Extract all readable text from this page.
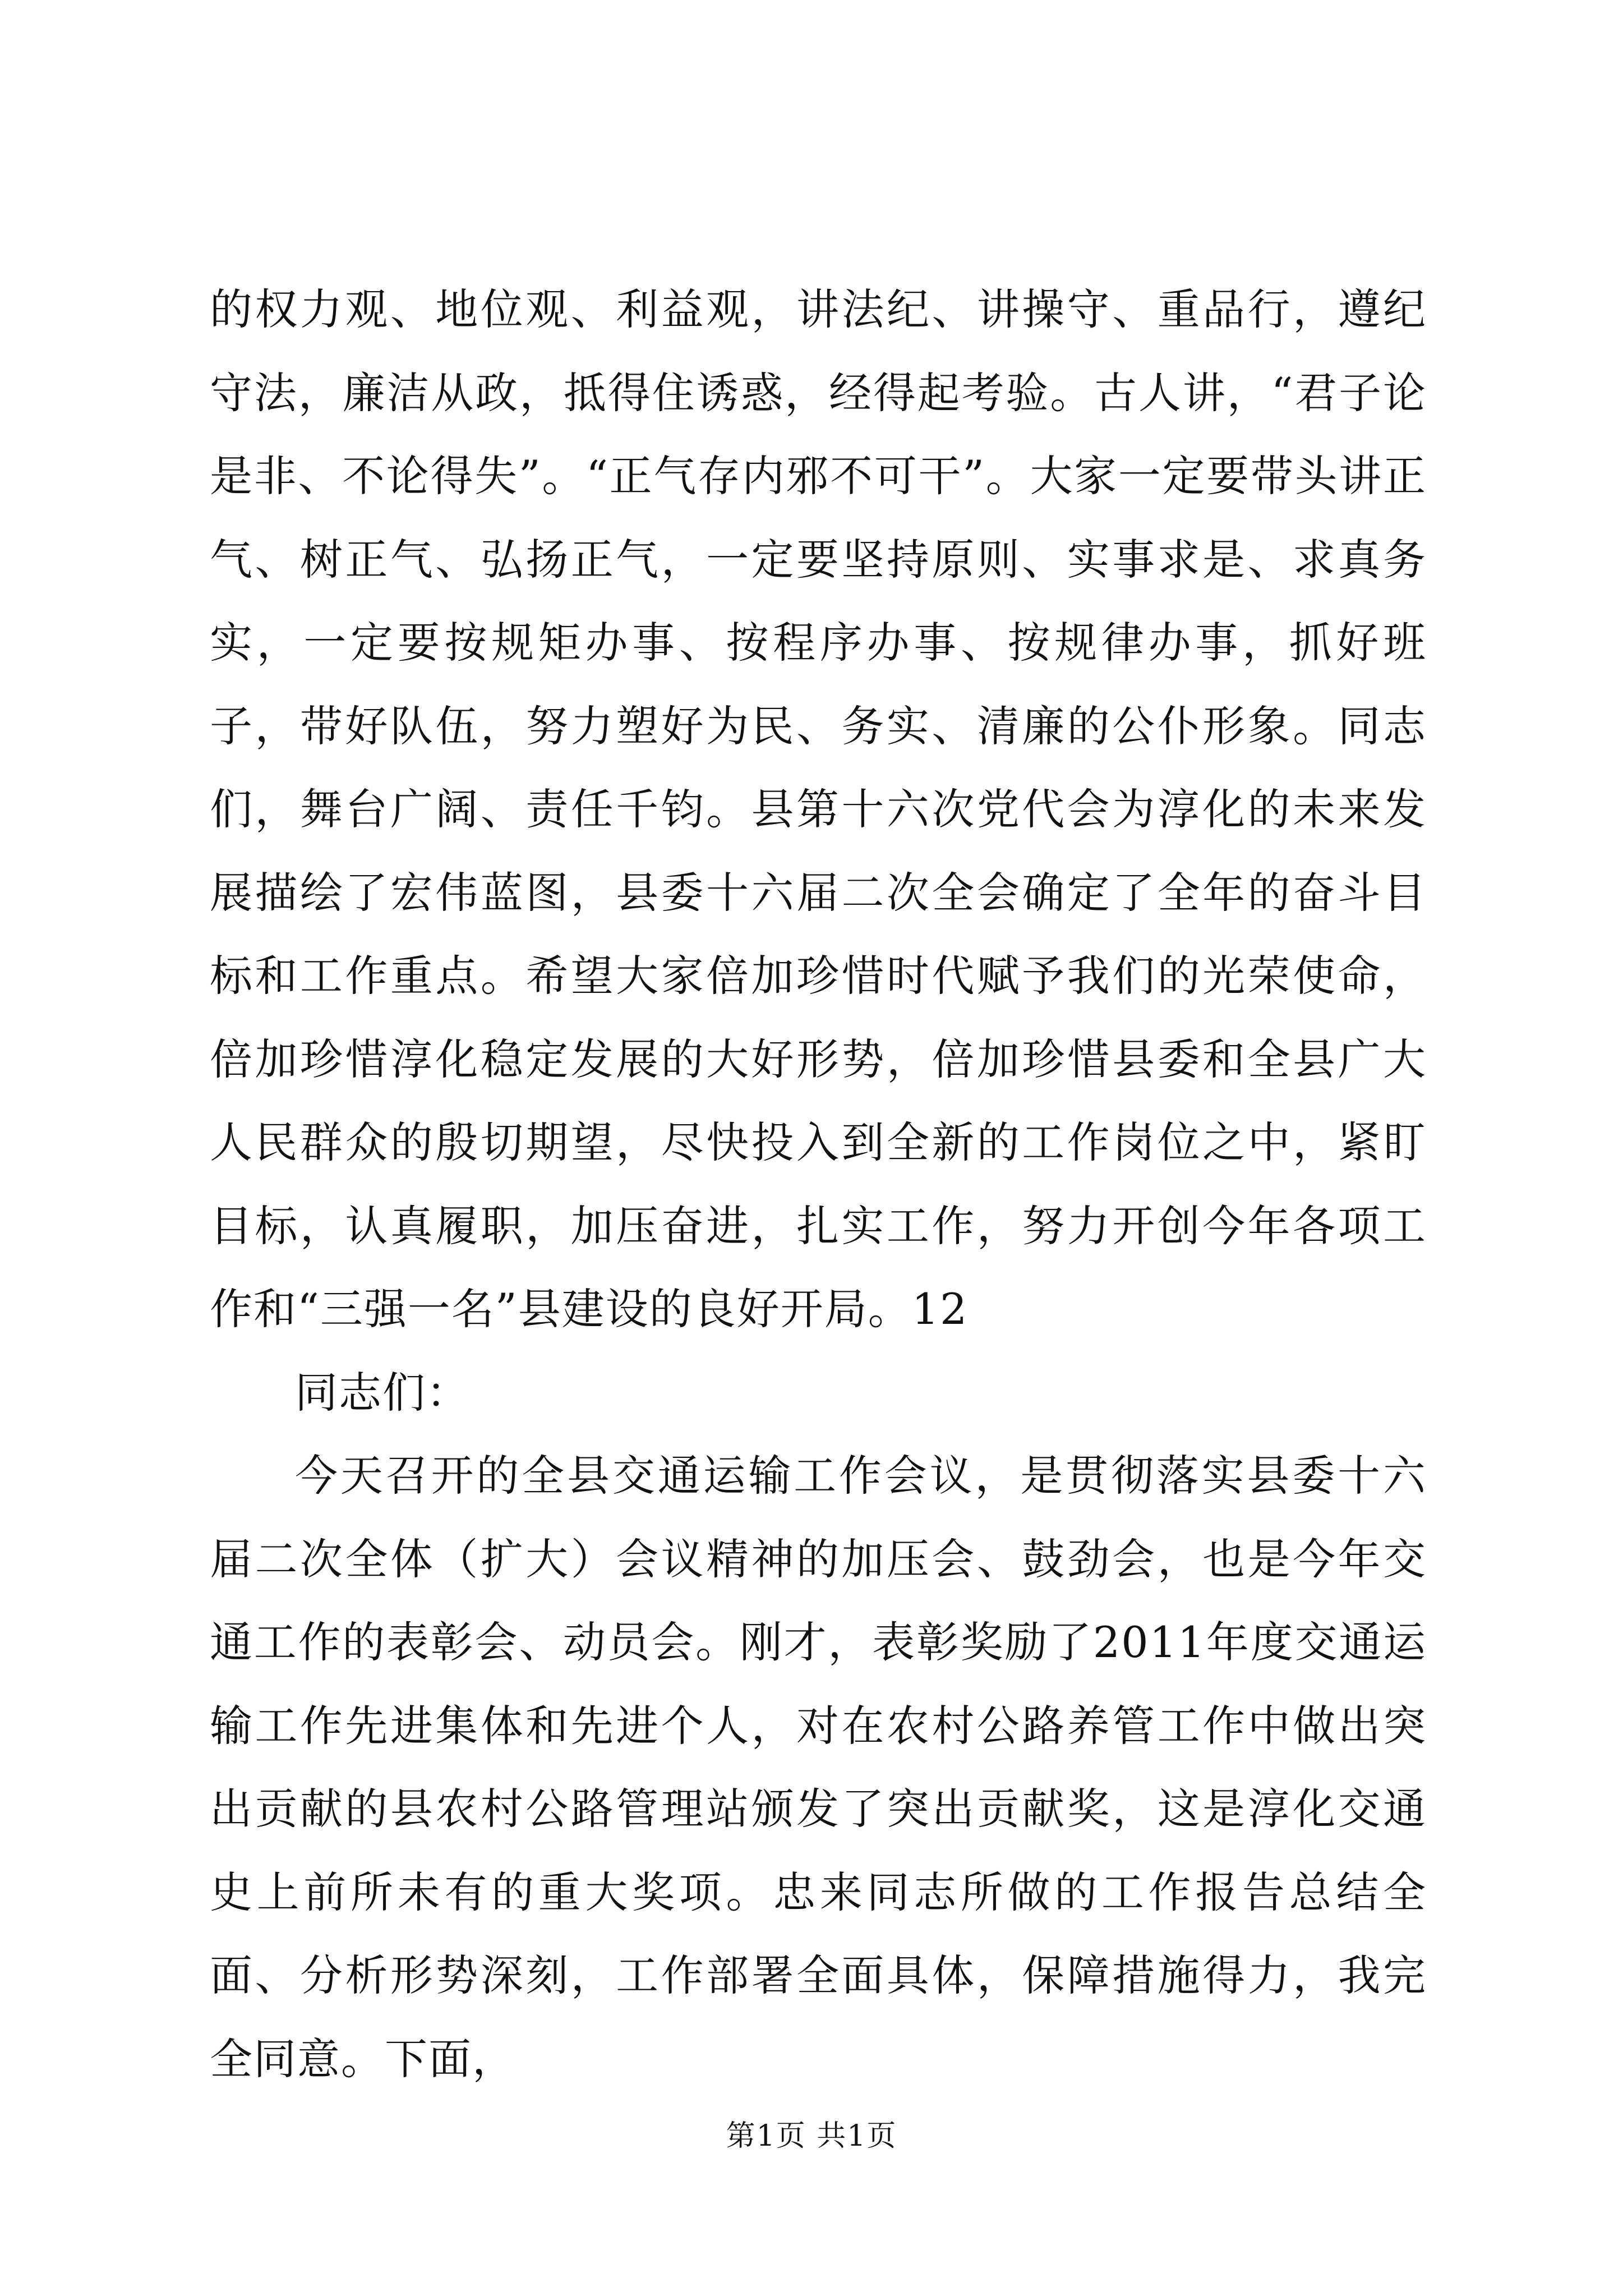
的权力观、地位观、利益观，讲法纪、讲操守、重品行，遵纪守法，廉洁从政，抵得住诱惑，经得起考验。古人讲，“君子论是非、不论得失”。“正气存内邪不可干”。大家一定要带头讲正气、树正气、弘扬正气，一定要坚持原则、实事求是、求真务实，一定要按规矩办事、按程序办事、按规律办事，抓好班子，带好队伍，努力塑好为民、务实、清廉的公仆形象。同志们，舞台广阔、责任千钧。县第十六次党代会为淳化的未来发展描绘了宏伟蓝图，县委十六届二次全会确定了全年的奋斗目标和工作重点。希望大家倍加珍惜时代赋予我们的光荣使命，倍加珍惜淳化稳定发展的大好形势，倍加珍惜县委和全县广大人民群众的殷切期望，尽快投入到全新的工作岗位之中，紧盯目标，认真履职，加压奋进，扎实工作，努力开创今年各项工作和“三强一名”县建设的良好开局。12

同志们：

今天召开的全县交通运输工作会议，是贯彻落实县委十六届二次全体（扩大）会议精神的加压会、鼓劲会，也是今年交通工作的表彰会、动员会。刚才，表彰奖励了2011年度交通运输工作先进集体和先进个人，对在农村公路养管工作中做出突出贡献的县农村公路管理站颁发了突出贡献奖，这是淳化交通史上前所未有的重大奖项。忠来同志所做的工作报告总结全面、分析形势深刻，工作部署全面具体，保障措施得力，我完全同意。下面，

第1页 共1页
